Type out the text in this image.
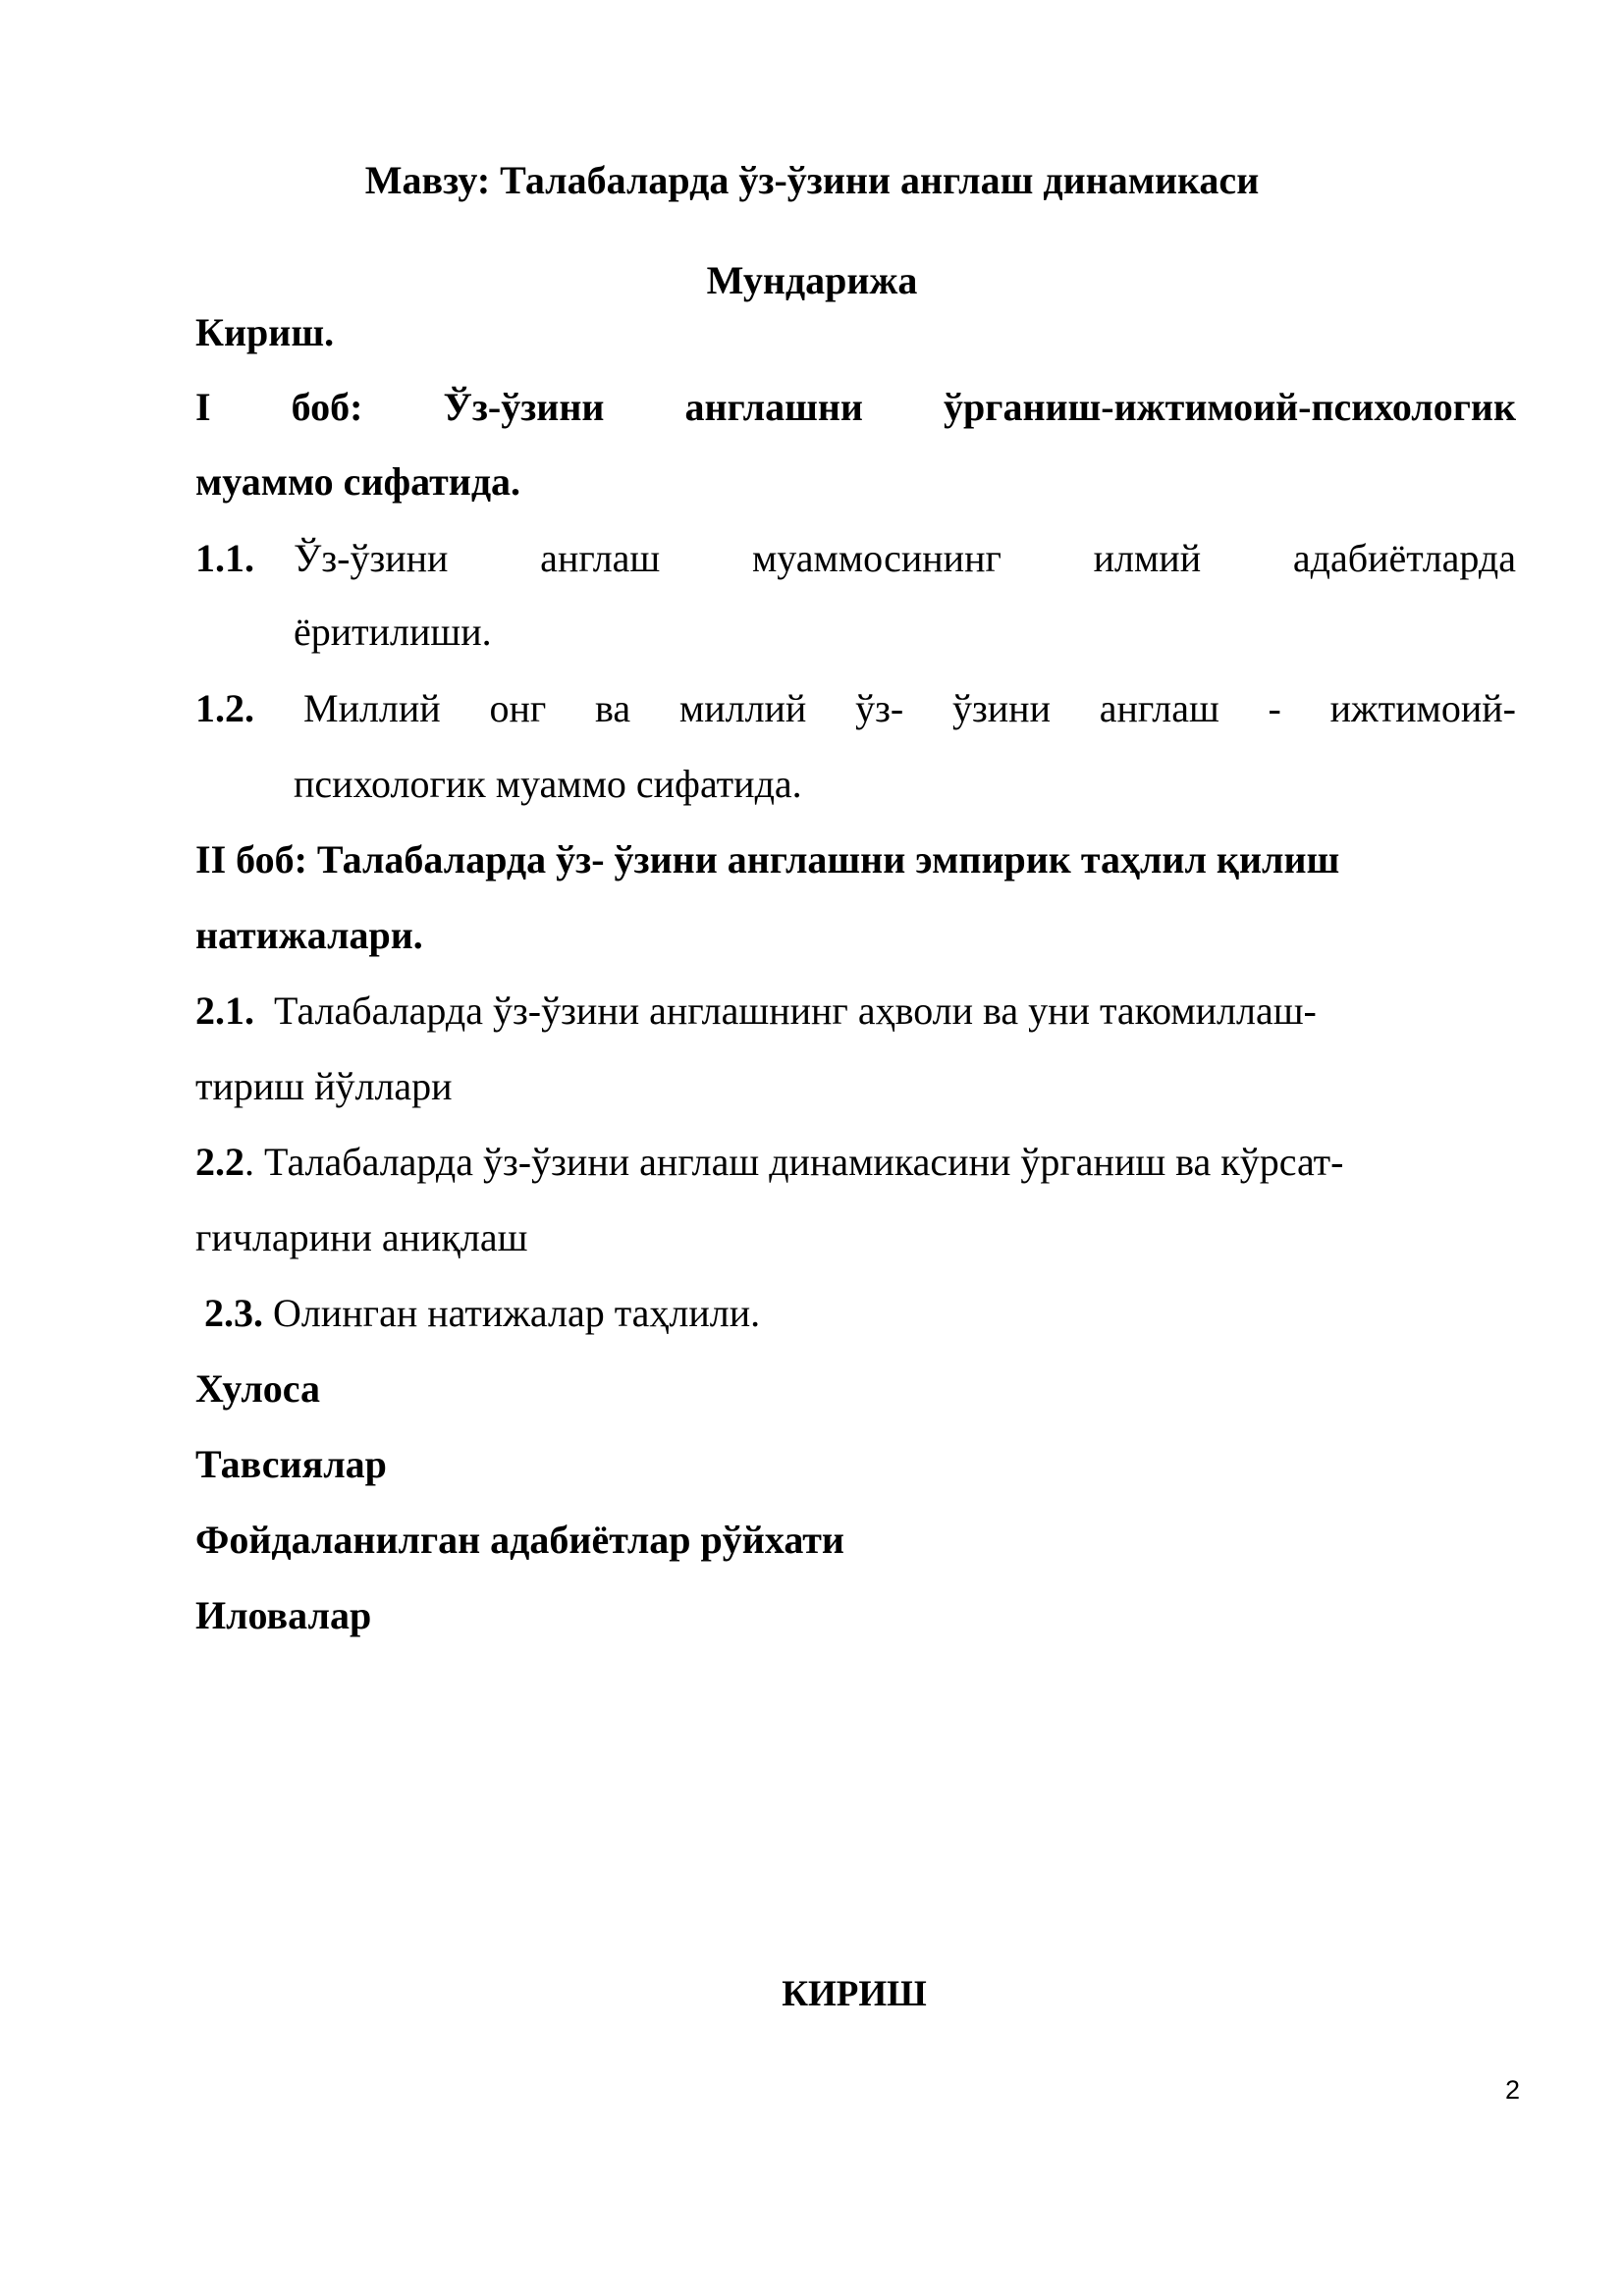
Мавзу: Талабаларда ўз-ўзини англаш динамикаси

Мундарижа

Кириш.

I боб: Ўз-ўзини англашни ўрганиш-ижтимоий-психологик

муаммо сифатида.

1.1.	Ўз-ўзини англаш муаммосининг илмий адабиётларда

ёритилиши.

1.2.	Миллий онг ва миллий ўз- ўзини англаш - ижтимоий-

психологик муаммо сифатида.

II боб: Талабаларда ўз- ўзини англашни эмпирик таҳлил қилиш

натижалари.

2.1. Талабаларда ўз-ўзини англашнинг аҳволи ва уни такомиллаш-

тириш йўллари

2.2. Талабаларда ўз-ўзини англаш динамикасини ўрганиш ва кўрсат-

гичларини аниқлаш

2.3. Олинган натижалар таҳлили.

Хулоса

Тавсиялар

Фойдаланилган адабиётлар рўйхати

Иловалар

КИРИШ

2
